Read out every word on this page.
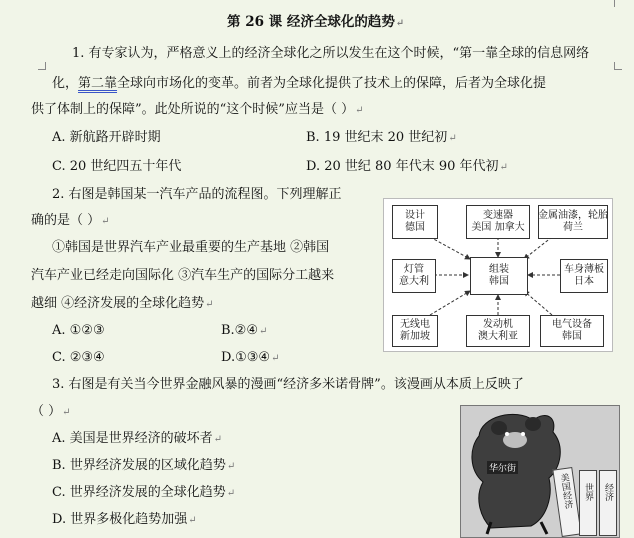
第 26 课 经济全球化的趋势↵
1. 有专家认为，严格意义上的经济全球化之所以发生在这个时候，“第一靠全球的信息网络
化，第二靠全球向市场化的变革。前者为全球化提供了技术上的保障，后者为全球化提
供了体制上的保障”。此处所说的“这个时候”应当是（ ）↵
A. 新航路开辟时期	B. 19 世纪末 20 世纪初↵
C. 20 世纪四五十年代	D. 20 世纪 80 年代末 90 年代初↵
2. 右图是韩国某一汽车产品的流程图。下列理解正
确的是（ ）↵
①韩国是世界汽车产业最重要的生产基地 ②韩国
汽车产业已经走向国际化 ③汽车生产的国际分工越来
越细 ④经济发展的全球化趋势↵
A. ①②③	B.②④↵
C. ②③④	D.①③④↵
3. 右图是有关当今世界金融风暴的漫画“经济多米诺骨牌”。该漫画从本质上反映了
（ ）↵
A. 美国是世界经济的破坏者↵
B. 世界经济发展的区域化趋势↵
C. 世界经济发展的全球化趋势↵
D. 世界多极化趋势加强↵
设计
德国
变速器
美国 加拿大
金属油漆，轮胎
荷兰
灯管
意大利
组装
韩国
车身薄板
日本
无线电
新加坡
发动机
澳大利亚
电气设备
韩国
华尔街
美国经济	世界	经济
